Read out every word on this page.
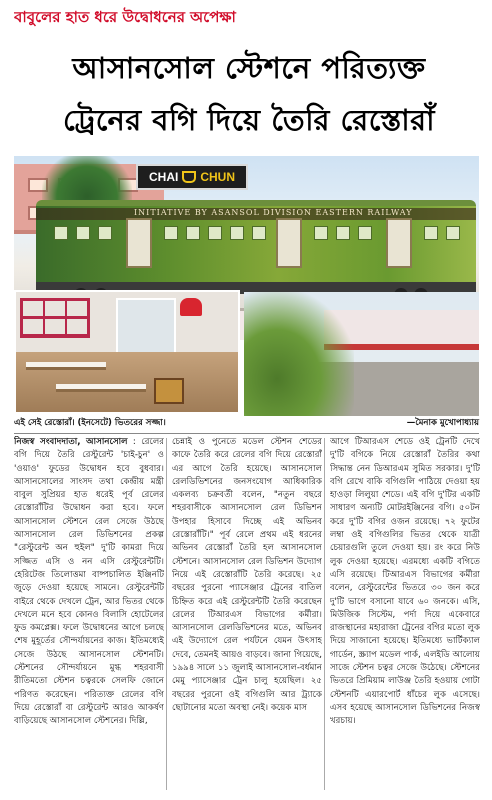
বাবুলের হাত ধরে উদ্বোধনের অপেক্ষা
আসানসোল স্টেশনে পরিত্যক্ত
ট্রেনের বগি দিয়ে তৈরি রেস্তোরাঁ
INITIATIVE BY ASANSOL DIVISION EASTERN RAILWAY
CHAI CHUN
এই সেই রেস্তোরাঁ। (ইনসেটে) ভিতরের সজ্জা।	—মৈনাক মুখোপাধ্যায়

নিজস্ব সংবাদদাতা, আসানসোল : রেলের বগি দিয়ে তৈরি রেস্টুরেন্ট 'চাই-চুন' ও 'ওয়াও' ফুডের উদ্বোধন হবে বুধবার। আসানসোলের সাংসদ তথা কেন্দ্রীয় মন্ত্রী বাবুল সুপ্রিয়র হাত ধরেই পূর্ব রেলের রেস্তোরাঁটির উদ্বোধন করা হবে। ফলে আসানসোল স্টেশনে রেল সেজে উঠছে আসানসোল রেল ডিভিশনের প্রকল্প "রেস্টুরেন্ট অন হুইল" দু'টি কামরা দিয়ে সজ্জিত এসি ও নন এসি রেস্টুরেন্টটি। হেরিটেজ তিলোত্তমা বাষ্পচালিত ইঞ্জিনটি জুড়ে দেওয়া হয়েছে সামনে। রেস্টুরেন্টটি বাইরে থেকে দেখলে ট্রেন, আর ভিতর থেকে দেখলে মনে হবে কোনও বিলাসি হোটেলের ফুড কমপ্লেক্স। ফলে উদ্বোধনের আগে চলছে শেষ মুহূর্তের সৌন্দর্যায়নের কাজ। ইতিমধ্যেই সেজে উঠছে আসানসোল স্টেশনটি। স্টেশনের সৌন্দর্যায়নে মুগ্ধ শহরবাসী রীতিমতো স্টেশন চত্বরকে সেলফি জোনে পরিণত করেছেন। পরিত্যক্ত রেলের বগি দিয়ে রেস্তোরাঁ বা রেস্টুরেন্ট আরও আকর্ষণ বাড়িয়েছে আসানসোল স্টেশনের। দিল্লি,

চেন্নাই ও পুনেতে মডেল স্টেশন শেডের কাফে তৈরি করে রেলের বগি দিয়ে রেস্তোরাঁ এর আগে তৈরি হয়েছে। আসানসোল রেলডিভিশনের জনসংযোগ আধিকারিক একলব্য চক্রবর্তী বলেন, "নতুন বছরে শহরবাসীকে আসানসোল রেল ডিভিশন উপহার হিসাবে দিচ্ছে এই অভিনব রেস্তোরাঁটি।" পূর্ব রেলে প্রথম এই ধরনের অভিনব রেস্তোরাঁ তৈরি হল আসানসোল স্টেশনে। আসানসোল রেল ডিভিশন উদ্যোগ নিয়ে এই রেস্তোরাঁটি তৈরি করেছে। ২৫ বছরের পুরনো প্যাসেঞ্জার ট্রেনের বাতিল চিহ্নিত করে এই রেস্টুরেন্টটি তৈরি করেছেন রেলের টিআরএস বিভাগের কর্মীরা। আসানসোল রেলডিভিশনের মতে, অভিনব এই উদ্যোগে রেল পর্যটনে যেমন উৎসাহ দেবে, তেমনই আয়ও বাড়বে। জানা গিয়েছে, ১৯৯৪ সালে ১১ জুলাই আসানসোল-বর্ধমান মেমু প্যাসেঞ্জার ট্রেন চালু হয়েছিল। ২৫ বছরের পুরনো ওই বগিগুলি আর ট্র্যাকে ছোটানোর মতো অবস্থা নেই। কয়েক মাস

আগে টিআরএস শেডে ওই ট্রেনটি দেখে দু'টি বগিকে নিয়ে রেস্তোরাঁ তৈরির কথা সিদ্ধান্ত নেন ডিআরএম সুমিত সরকার। দু'টি বগি রেখে বাকি বগিগুলি পাঠিয়ে দেওয়া হয় হাওড়া লিলুয়া শেডে। এই বগি দু'টির একটি সাধারণ অন্যটি মোটরইঞ্জিনের বগি। ৫০টন করে দু'টি বগির ওজন রয়েছে। ৭২ ফুটের লম্বা ওই বগিগুলির ভিতর থেকে যাত্রী চেয়ারগুলি তুলে দেওয়া হয়। রং করে নিউ লুক দেওয়া হয়েছে। এরমধ্যে একটি বগিতে এসি রয়েছে। টিআরএস বিভাগের কর্মীরা বলেন, রেস্টুরেন্টের ভিতরে ৩০ জন করে দু'টি ভাগে বসানো যাবে ৬০ জনকে। এসি, মিউজিক সিস্টেম, পর্দা দিয়ে একেবারে রাজস্থানের মহারাজা ট্রেনের বগির মতো লুক দিয়ে সাজানো হয়েছে। ইতিমধ্যে ভার্টিক্যাল গার্ডেন, স্ক্র্যাপ মডেল পার্ক, এলইডি আলোয় সাজে স্টেশন চত্বর সেজে উঠেছে। স্টেশনের ভিতরে প্রিমিয়াম লাউঞ্জ তৈরি হওয়ায় গোটা স্টেশনটি এয়ারপোর্ট ধাঁচের লুক এসেছে। এসব হয়েছে আসানসোল ডিভিশনের নিজস্ব খরচায়।
